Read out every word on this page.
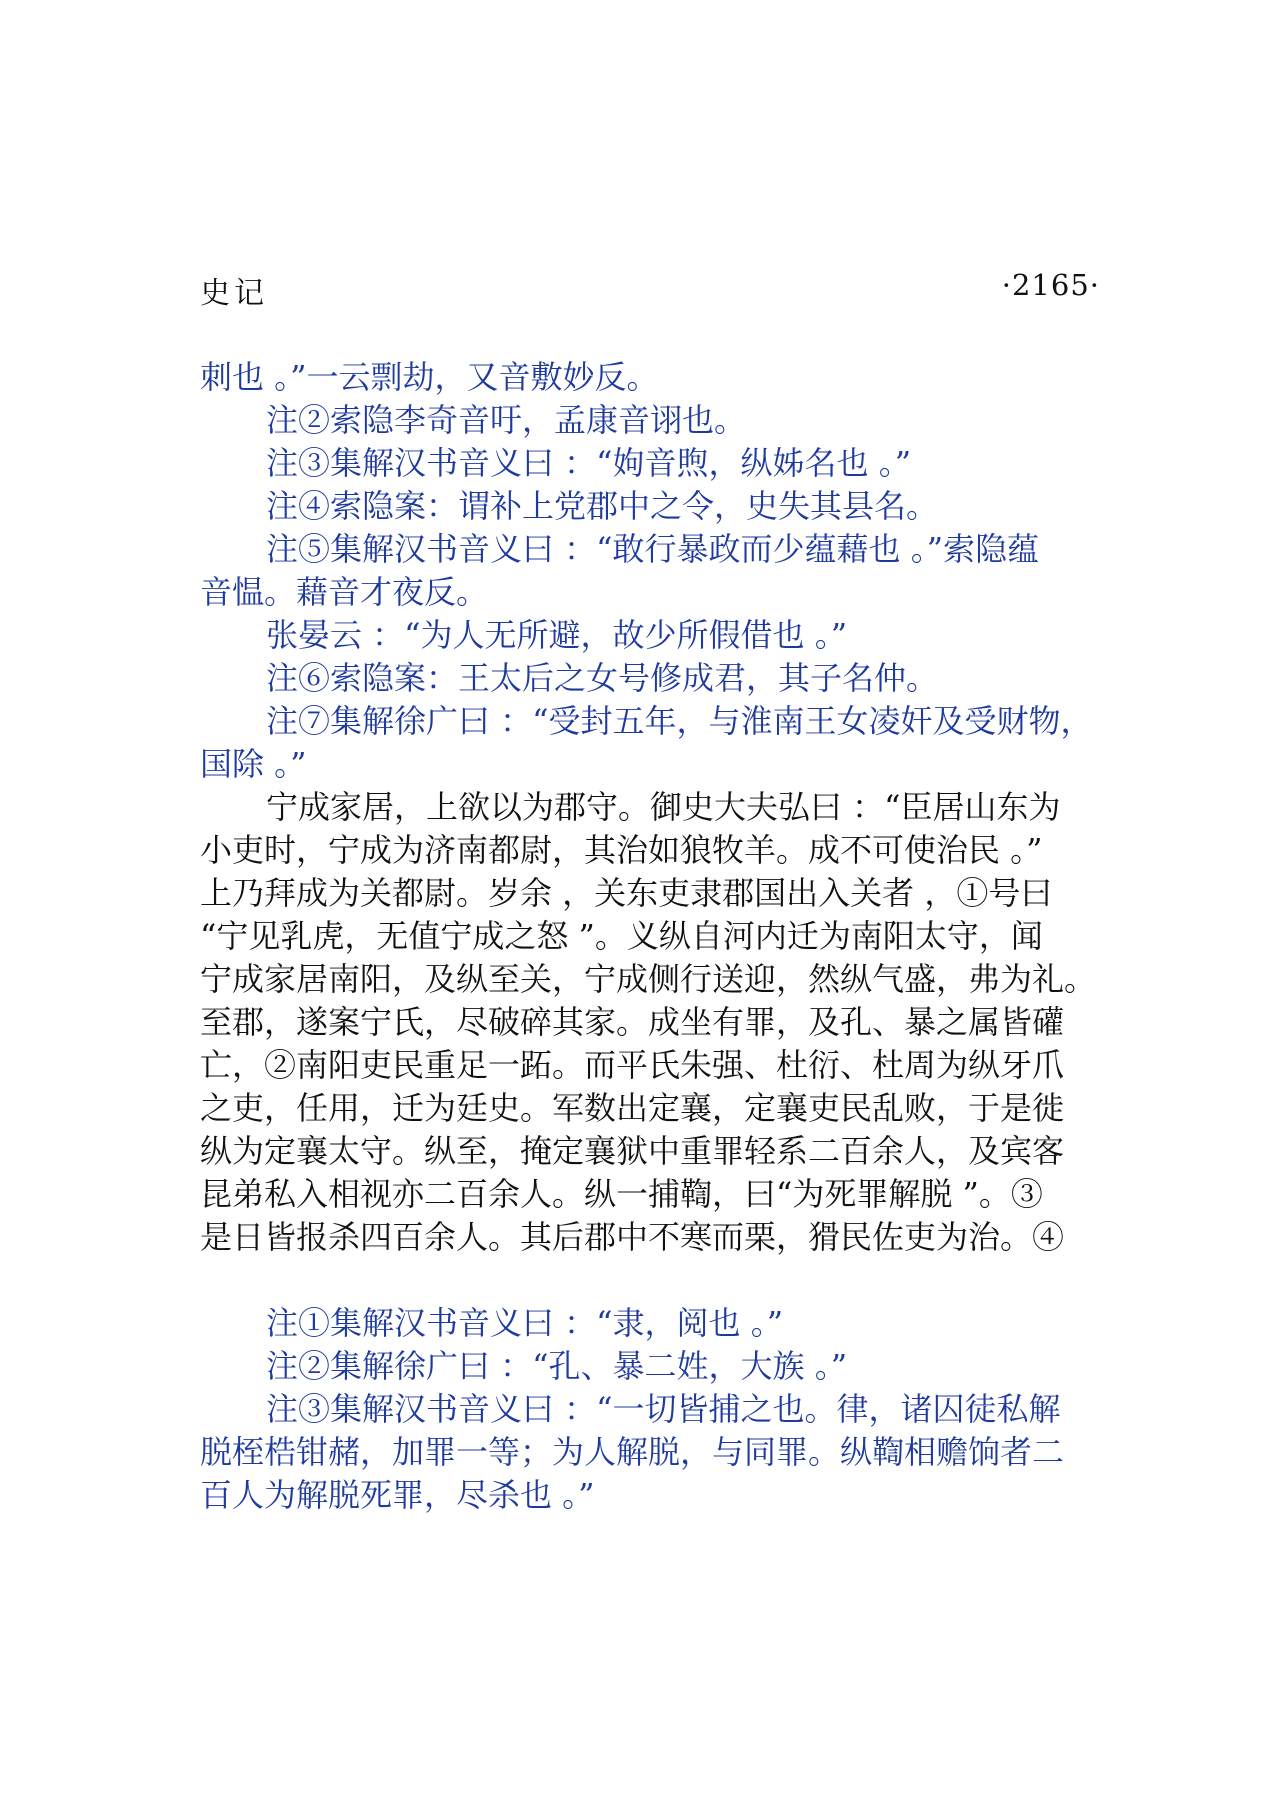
史记	·2165·
刺也 。”一云剽劫，又音敷妙反。
注②索隐李奇音吁，孟康音诩也。
注③集解汉书音义曰 ：“姁音煦，纵姊名也 。”
注④索隐案：谓补上党郡中之令，史失其县名。
注⑤集解汉书音义曰 ：“敢行暴政而少蕴藉也 。”索隐蕴
音愠。藉音才夜反。
张晏云 ：“为人无所避，故少所假借也 。”
注⑥索隐案：王太后之女号修成君，其子名仲。
注⑦集解徐广曰 ：“受封五年，与淮南王女凌奸及受财物，
国除 。”
宁成家居，上欲以为郡守。御史大夫弘曰 ：“臣居山东为
小吏时，宁成为济南都尉，其治如狼牧羊。成不可使治民 。”
上乃拜成为关都尉。岁余 ，关东吏隶郡国出入关者 ，①号曰
“宁见乳虎，无值宁成之怒 ”。义纵自河内迁为南阳太守，闻
宁成家居南阳，及纵至关，宁成侧行送迎，然纵气盛，弗为礼。
至郡，遂案宁氏，尽破碎其家。成坐有罪，及孔、暴之属皆礶
亡，②南阳吏民重足一跖。而平氏朱强、杜衍、杜周为纵牙爪
之吏，任用，迁为廷史。军数出定襄，定襄吏民乱败，于是徙
纵为定襄太守。纵至，掩定襄狱中重罪轻系二百余人，及宾客
昆弟私入相视亦二百余人。纵一捕鞫，曰“为死罪解脱 ”。③
是日皆报杀四百余人。其后郡中不寒而栗，猾民佐吏为治。④
注①集解汉书音义曰 ：“隶，阅也 。”
注②集解徐广曰 ：“孔、暴二姓，大族 。”
注③集解汉书音义曰 ：“一切皆捕之也。律，诸囚徒私解
脱桎梏钳赭，加罪一等；为人解脱，与同罪。纵鞫相赡饷者二
百人为解脱死罪，尽杀也 。”
